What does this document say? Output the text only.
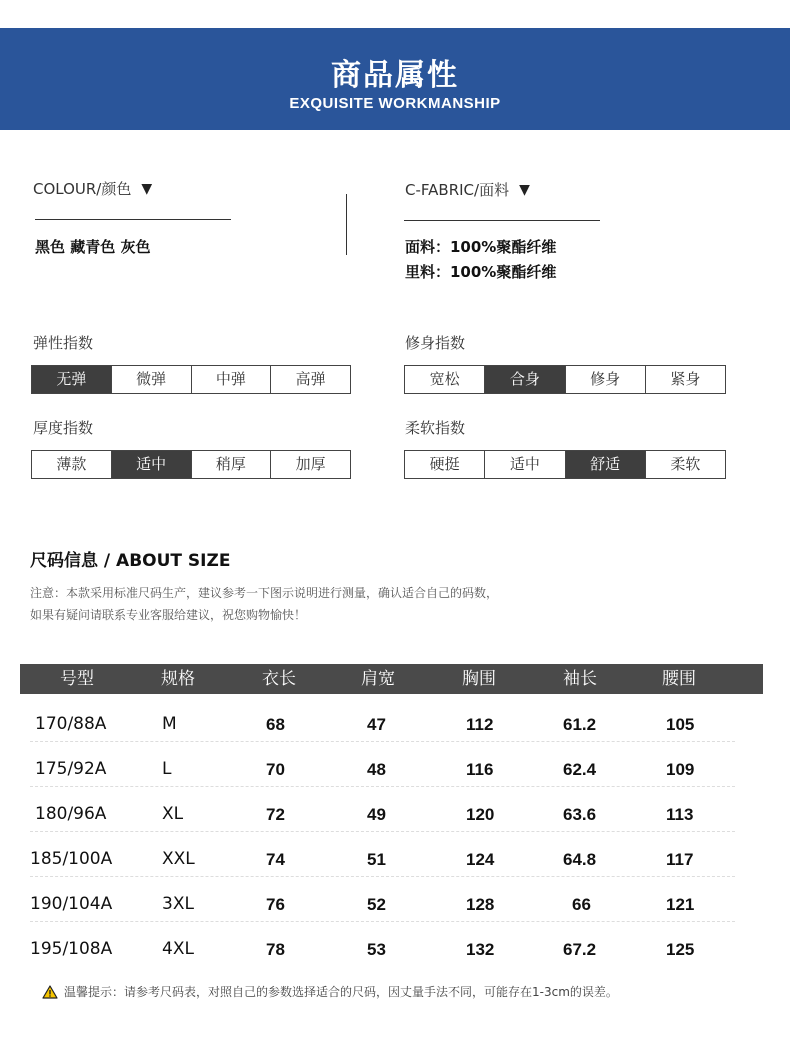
商品属性
EXQUISITE WORKMANSHIP
COLOUR/颜色 ▼
黑色 藏青色 灰色
C-FABRIC/面料 ▼
面料：100%聚酯纤维
里料：100%聚酯纤维
弹性指数
无弹	微弹	中弹	高弹
修身指数
宽松	合身	修身	紧身
厚度指数
薄款	适中	稍厚	加厚
柔软指数
硬挺	适中	舒适	柔软
尺码信息 / ABOUT SIZE
注意：本款采用标准尺码生产，建议参考一下图示说明进行测量，确认适合自己的码数，
如果有疑问请联系专业客服给建议，祝您购物愉快！
号型	规格	衣长	肩宽	胸围	袖长	腰围
170/88A	M	68	47	112	61.2	105
175/92A	L	70	48	116	62.4	109
180/96A	XL	72	49	120	63.6	113
185/100A	XXL	74	51	124	64.8	117
190/104A	3XL	76	52	128	66	121
195/108A	4XL	78	53	132	67.2	125
温馨提示：请参考尺码表，对照自己的参数选择适合的尺码，因丈量手法不同，可能存在1-3cm的误差。
